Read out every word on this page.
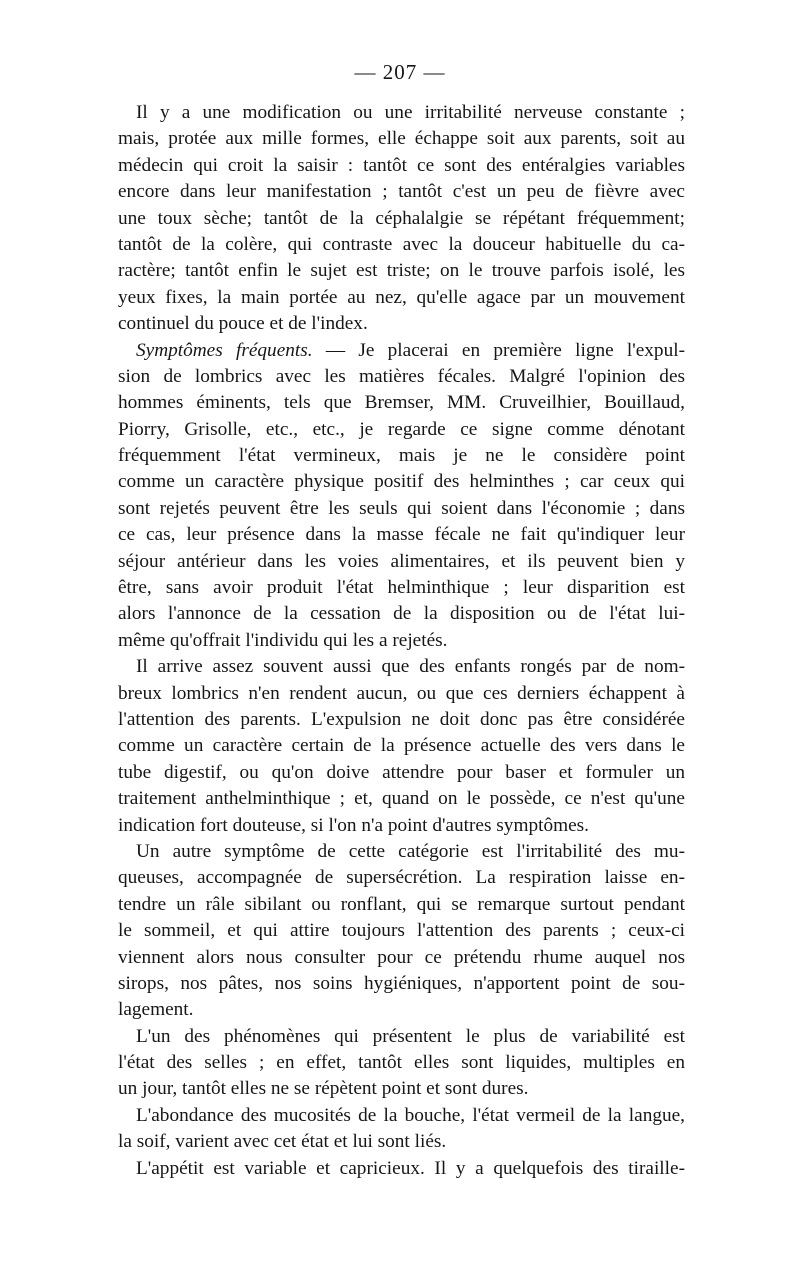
— 207 —
Il y a une modification ou une irritabilité nerveuse constante ;
mais, protée aux mille formes, elle échappe soit aux parents, soit au
médecin qui croit la saisir : tantôt ce sont des entéralgies variables
encore dans leur manifestation ; tantôt c'est un peu de fièvre avec
une toux sèche; tantôt de la céphalalgie se répétant fréquemment;
tantôt de la colère, qui contraste avec la douceur habituelle du ca-
ractère; tantôt enfin le sujet est triste; on le trouve parfois isolé, les
yeux fixes, la main portée au nez, qu'elle agace par un mouvement
continuel du pouce et de l'index.
Symptômes fréquents. — Je placerai en première ligne l'expul-
sion de lombrics avec les matières fécales. Malgré l'opinion des
hommes éminents, tels que Bremser, MM. Cruveilhier, Bouillaud,
Piorry, Grisolle, etc., etc., je regarde ce signe comme dénotant
fréquemment l'état vermineux, mais je ne le considère point
comme un caractère physique positif des helminthes ; car ceux qui
sont rejetés peuvent être les seuls qui soient dans l'économie ; dans
ce cas, leur présence dans la masse fécale ne fait qu'indiquer leur
séjour antérieur dans les voies alimentaires, et ils peuvent bien y
être, sans avoir produit l'état helminthique ; leur disparition est
alors l'annonce de la cessation de la disposition ou de l'état lui-
même qu'offrait l'individu qui les a rejetés.
Il arrive assez souvent aussi que des enfants rongés par de nom-
breux lombrics n'en rendent aucun, ou que ces derniers échappent à
l'attention des parents. L'expulsion ne doit donc pas être considérée
comme un caractère certain de la présence actuelle des vers dans le
tube digestif, ou qu'on doive attendre pour baser et formuler un
traitement anthelminthique ; et, quand on le possède, ce n'est qu'une
indication fort douteuse, si l'on n'a point d'autres symptômes.
Un autre symptôme de cette catégorie est l'irritabilité des mu-
queuses, accompagnée de supersécrétion. La respiration laisse en-
tendre un râle sibilant ou ronflant, qui se remarque surtout pendant
le sommeil, et qui attire toujours l'attention des parents ; ceux-ci
viennent alors nous consulter pour ce prétendu rhume auquel nos
sirops, nos pâtes, nos soins hygiéniques, n'apportent point de sou-
lagement.
L'un des phénomènes qui présentent le plus de variabilité est
l'état des selles ; en effet, tantôt elles sont liquides, multiples en
un jour, tantôt elles ne se répètent point et sont dures.
L'abondance des mucosités de la bouche, l'état vermeil de la langue,
la soif, varient avec cet état et lui sont liés.
L'appétit est variable et capricieux. Il y a quelquefois des tiraille-
